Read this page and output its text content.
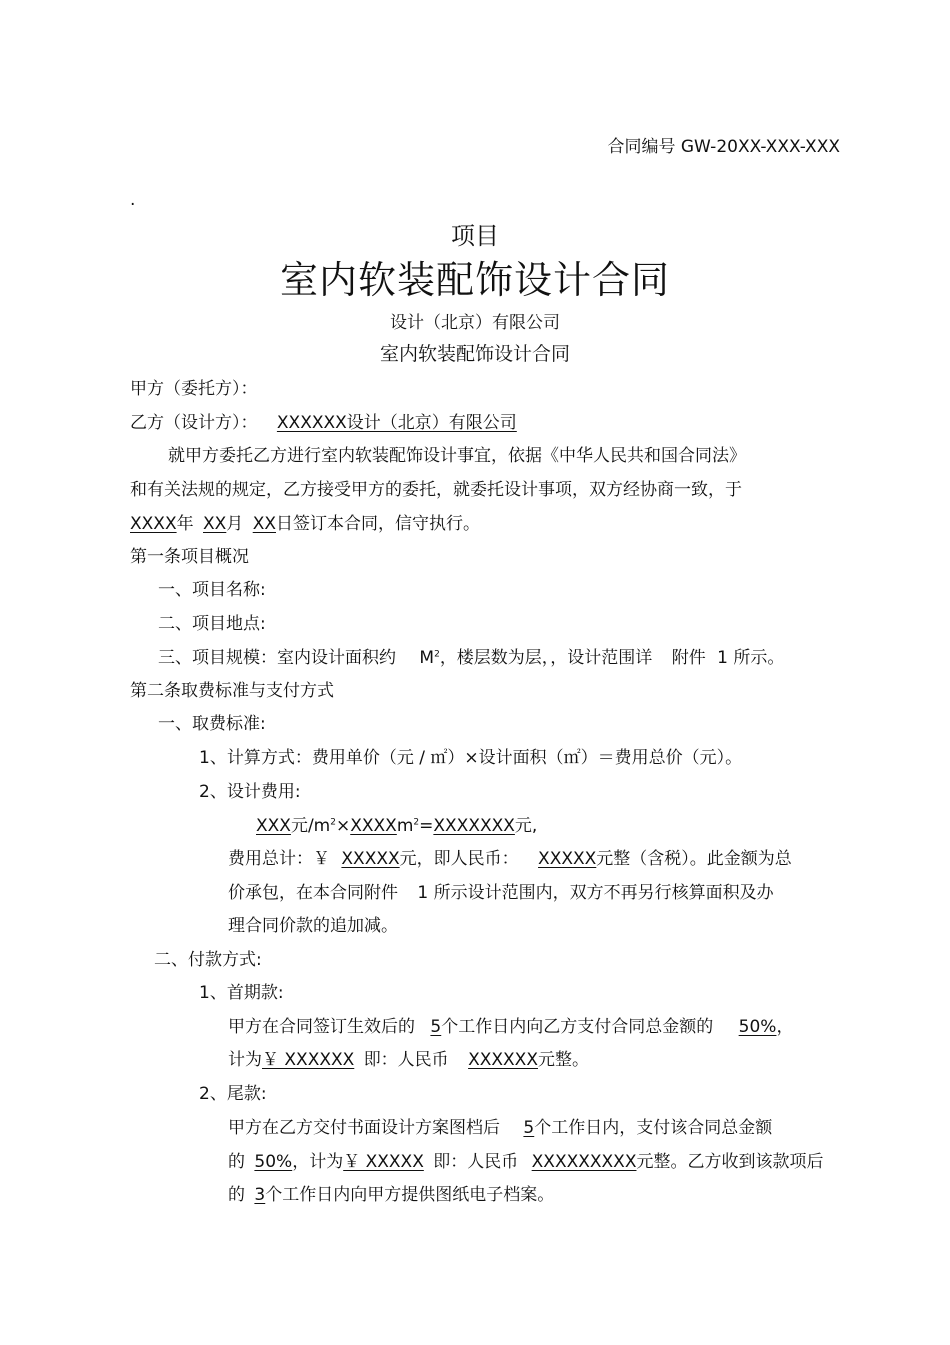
合同编号 GW-20XX-XXX-XXX
.
项目
室内软装配饰设计合同
设计（北京）有限公司
室内软装配饰设计合同
甲方（委托方）：
乙方（设计方）： XXXXXX设计（北京）有限公司
就甲方委托乙方进行室内软装配饰设计事宜，依据《中华人民共和国合同法》
和有关法规的规定，乙方接受甲方的委托，就委托设计事项，双方经协商一致，于
XXXX年 XX月 XX日签订本合同，信守执行。
第一条项目概况
一、项目名称:
二、项目地点:
三、项目规模：室内设计面积约 $M^2$，楼层数为层，，设计范围详 附件 1 所示。
第二条取费标准与支付方式
一、取费标准:
1、计算方式：费用单价（元 / ㎡）×设计面积（㎡）＝费用总价（元）。
2、设计费用:
XXX元$/m^2\times XXXXm^2=XXXXXXX$元,
费用总计：￥ XXXXX元，即人民币： XXXXX元整（含税）。此金额为总
价承包，在本合同附件 1 所示设计范围内，双方不再另行核算面积及办
理合同价款的追加减。
二、付款方式:
1、首期款:
甲方在合同签订生效后的 5个工作日内向乙方支付合同总金额的 50%，
计为￥ XXXXXX 即：人民币 XXXXXX元整。
2、尾款:
甲方在乙方交付书面设计方案图档后 5个工作日内，支付该合同总金额
的 50%，计为￥ XXXXX 即：人民币 XXXXXXXXX元整。乙方收到该款项后
的 3个工作日内向甲方提供图纸电子档案。
